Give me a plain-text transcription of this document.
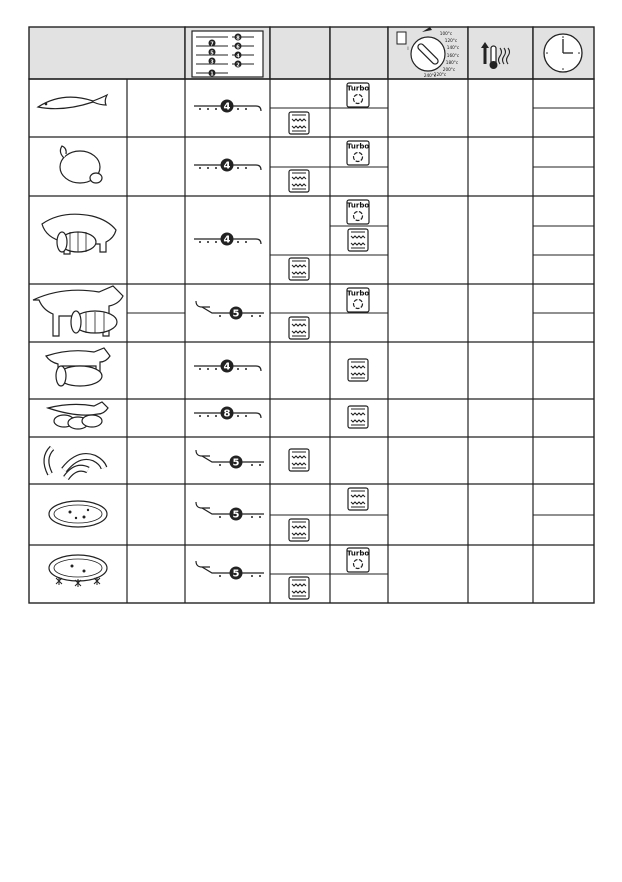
7
8
5
6
3
4
2
1
100°c
120°c
140°c
160°c
180°c
200°c
220°c
240°c
I
4
4
4
5
4
8
5
5
5
Turbo
Turbo
Turbo
Turbo
Turbo
